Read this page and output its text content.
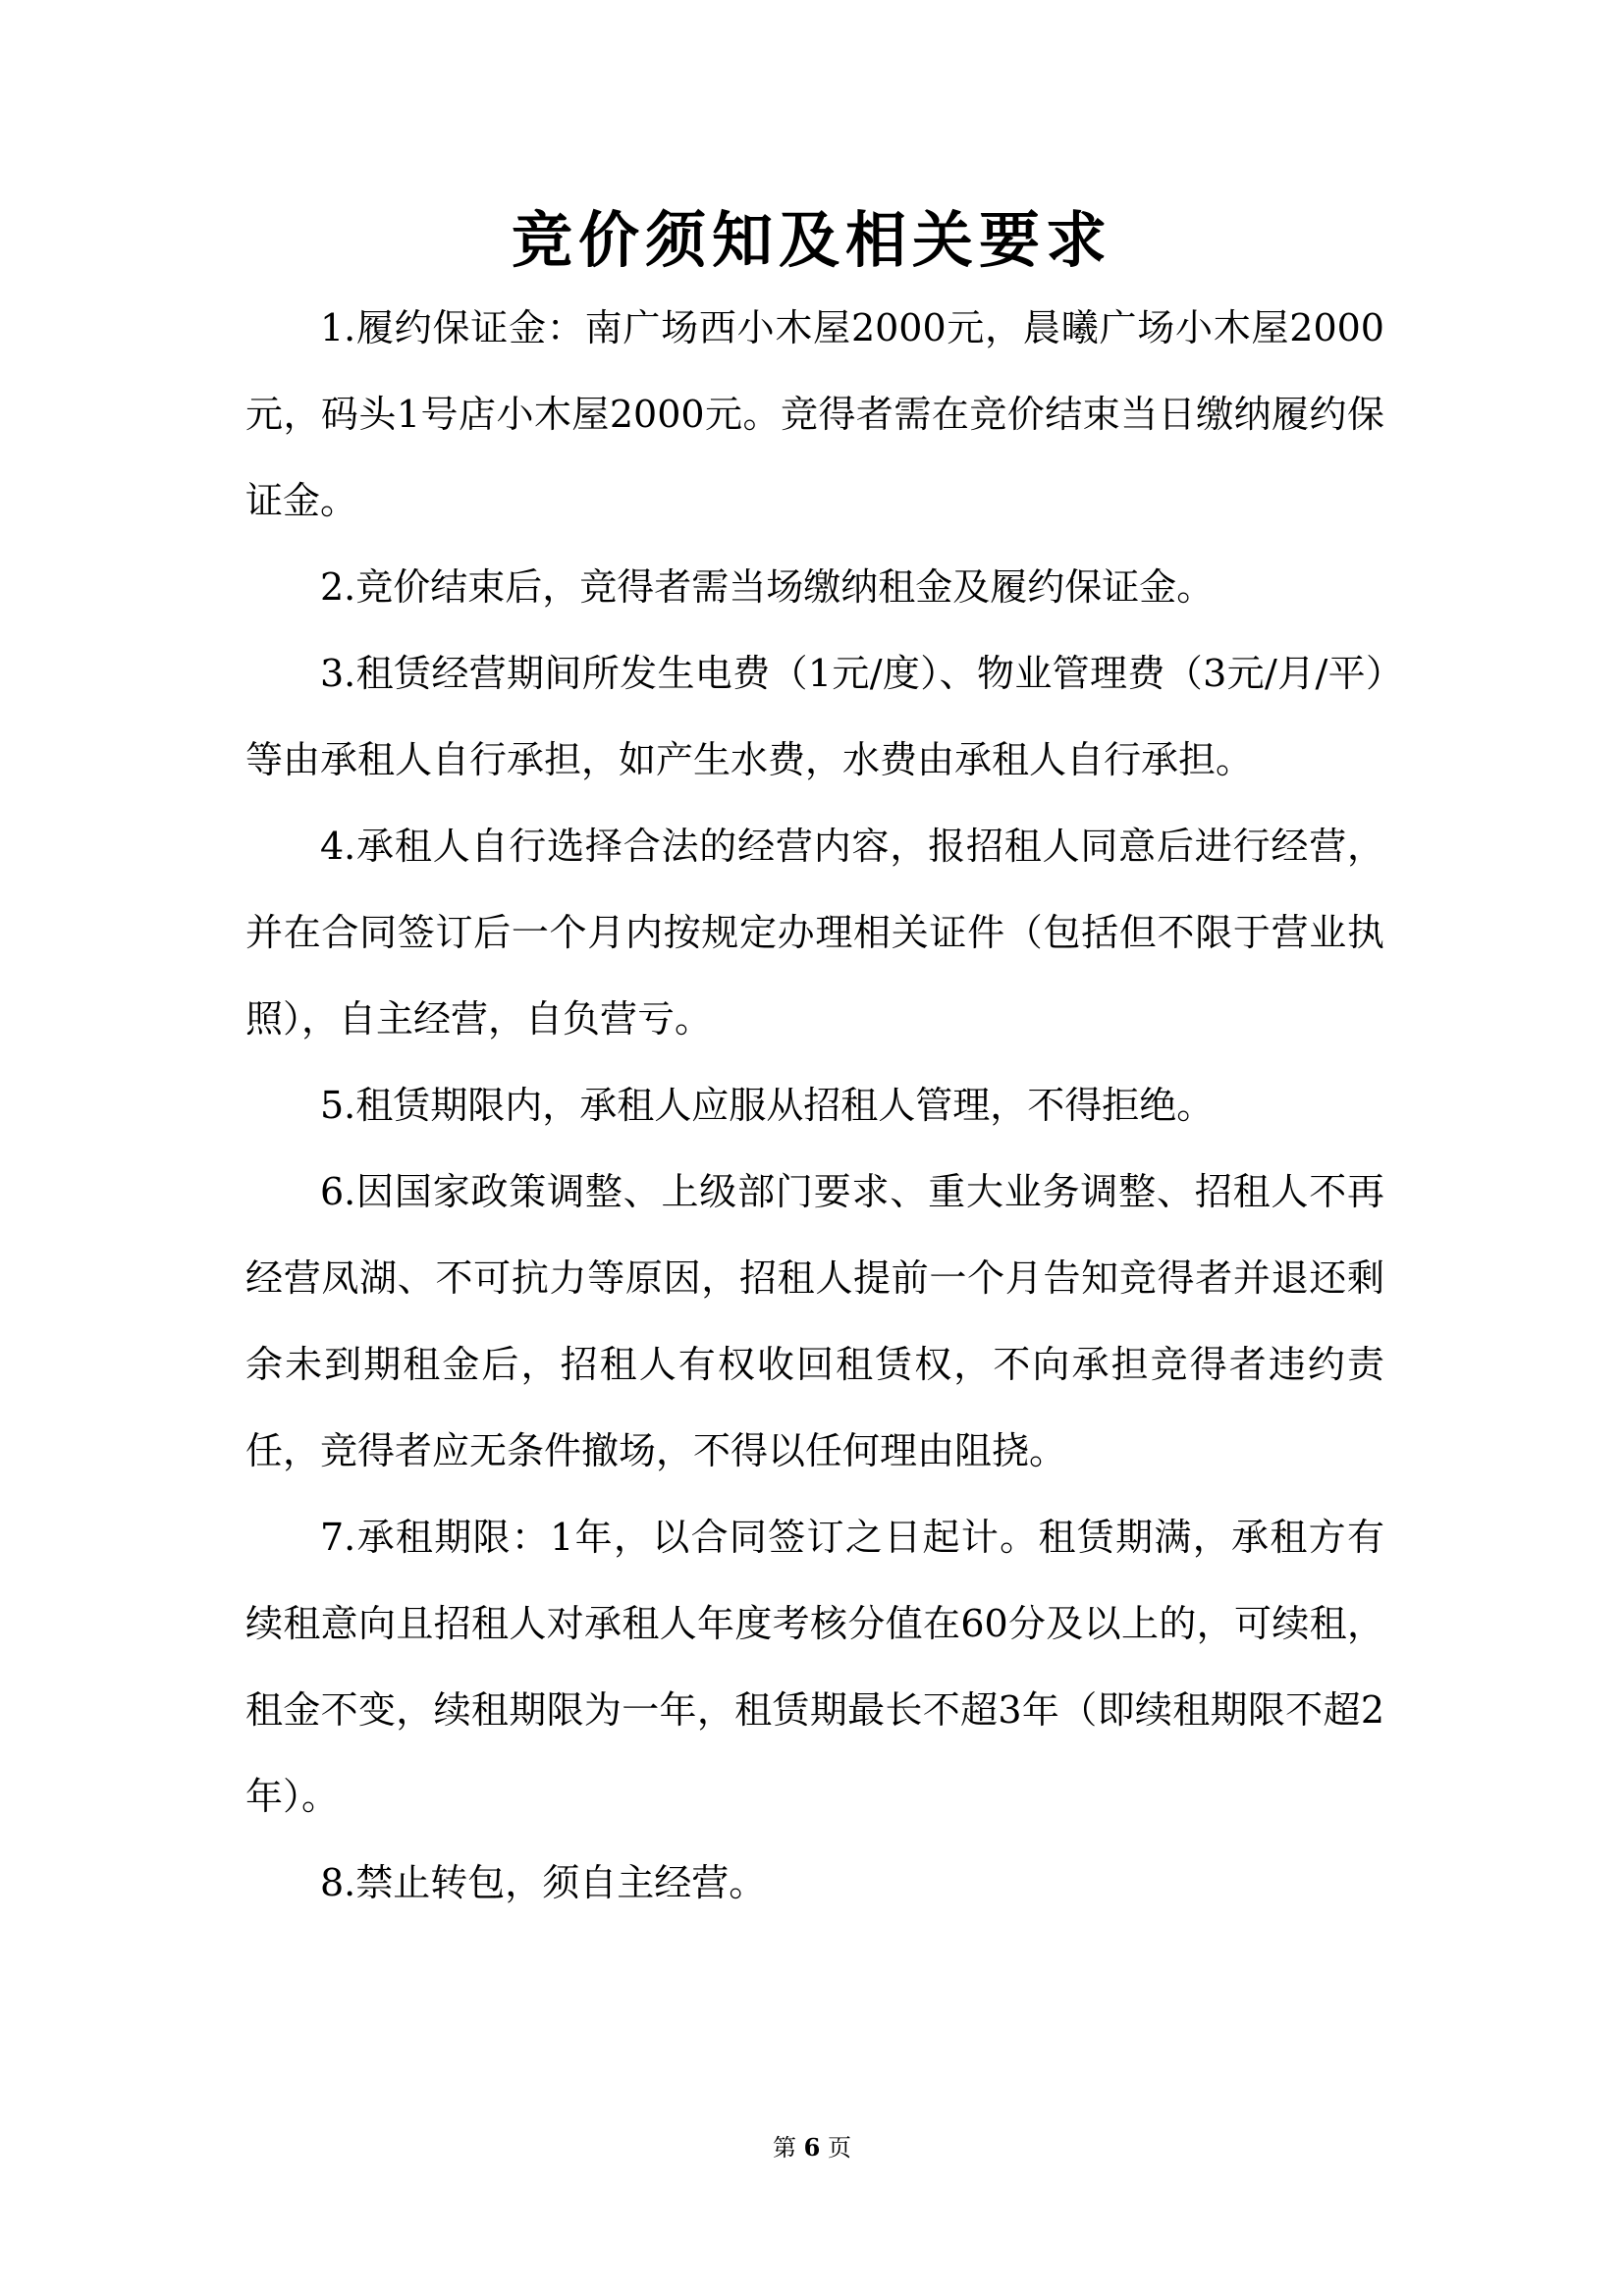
竞价须知及相关要求

1.履约保证金：南广场西小木屋2000元，晨曦广场小木屋2000元，码头1号店小木屋2000元。竞得者需在竞价结束当日缴纳履约保证金。

2.竞价结束后，竞得者需当场缴纳租金及履约保证金。

3.租赁经营期间所发生电费（1元/度）、物业管理费（3元/月/平）等由承租人自行承担，如产生水费，水费由承租人自行承担。

4.承租人自行选择合法的经营内容，报招租人同意后进行经营，并在合同签订后一个月内按规定办理相关证件（包括但不限于营业执照），自主经营，自负营亏。

5.租赁期限内，承租人应服从招租人管理，不得拒绝。

6.因国家政策调整、上级部门要求、重大业务调整、招租人不再经营凤湖、不可抗力等原因，招租人提前一个月告知竞得者并退还剩余未到期租金后，招租人有权收回租赁权，不向承担竞得者违约责任，竞得者应无条件撤场，不得以任何理由阻挠。

7.承租期限：1年，以合同签订之日起计。租赁期满，承租方有续租意向且招租人对承租人年度考核分值在60分及以上的，可续租，租金不变，续租期限为一年，租赁期最长不超3年（即续租期限不超2年）。

8.禁止转包，须自主经营。

第 6 页
